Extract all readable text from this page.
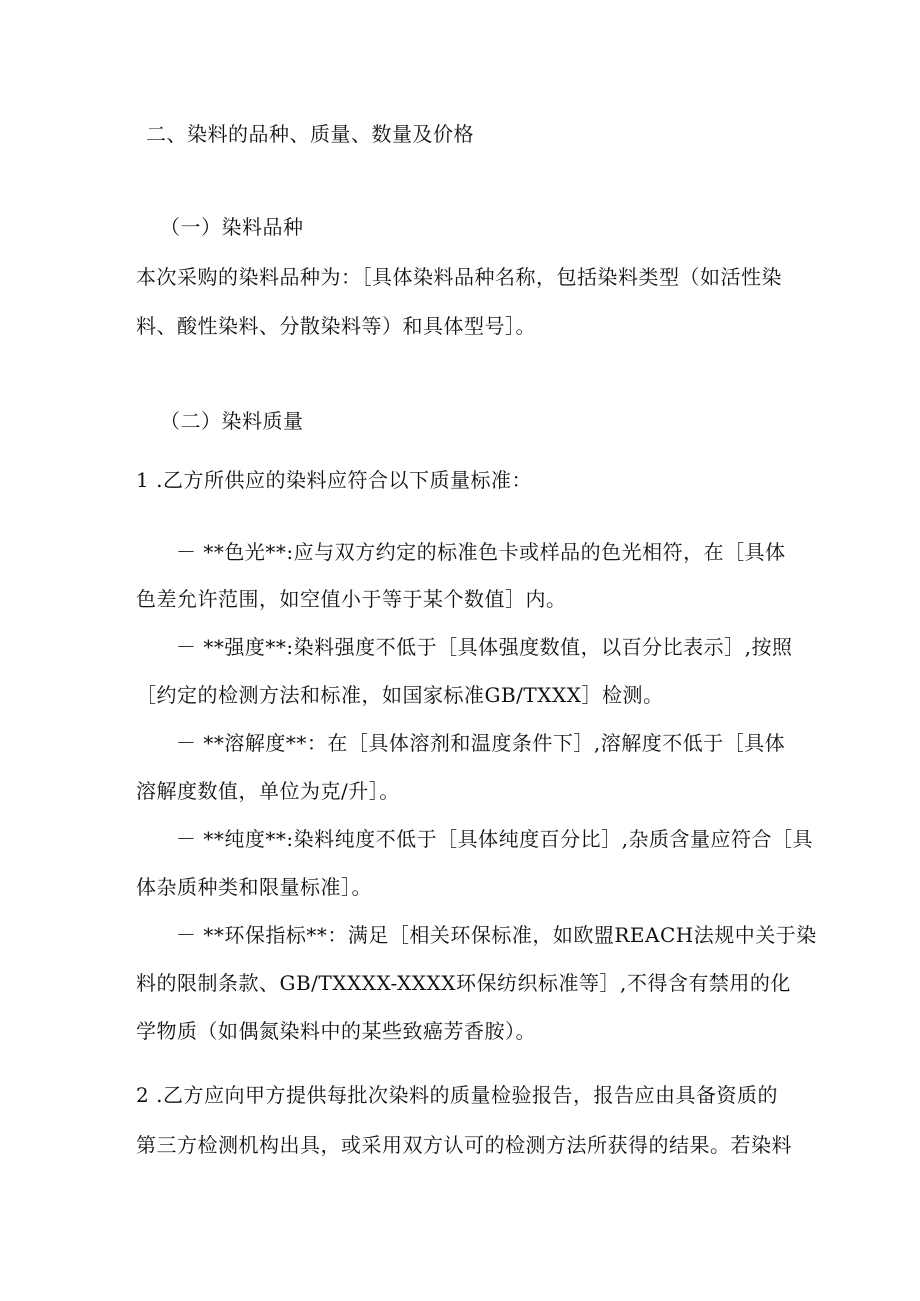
二、染料的品种、质量、数量及价格
（一）染料品种
本次采购的染料品种为：［具体染料品种名称，包括染料类型（如活性染
料、酸性染料、分散染料等）和具体型号］。
（二）染料质量
1 .乙方所供应的染料应符合以下质量标准：
－ **色光**:应与双方约定的标准色卡或样品的色光相符，在［具体
色差允许范围，如空值小于等于某个数值］内。
－ **强度**:染料强度不低于［具体强度数值，以百分比表示］,按照
［约定的检测方法和标准，如国家标准GB/TXXX］检测。
－ **溶解度**：在［具体溶剂和温度条件下］,溶解度不低于［具体
溶解度数值，单位为克/升］。
－ **纯度**:染料纯度不低于［具体纯度百分比］,杂质含量应符合［具
体杂质种类和限量标准］。
－ **环保指标**：满足［相关环保标准，如欧盟REACH法规中关于染
料的限制条款、GB/TXXXX-XXXX环保纺织标准等］,不得含有禁用的化
学物质（如偶氮染料中的某些致癌芳香胺）。
2 .乙方应向甲方提供每批次染料的质量检验报告，报告应由具备资质的
第三方检测机构出具，或采用双方认可的检测方法所获得的结果。若染料
